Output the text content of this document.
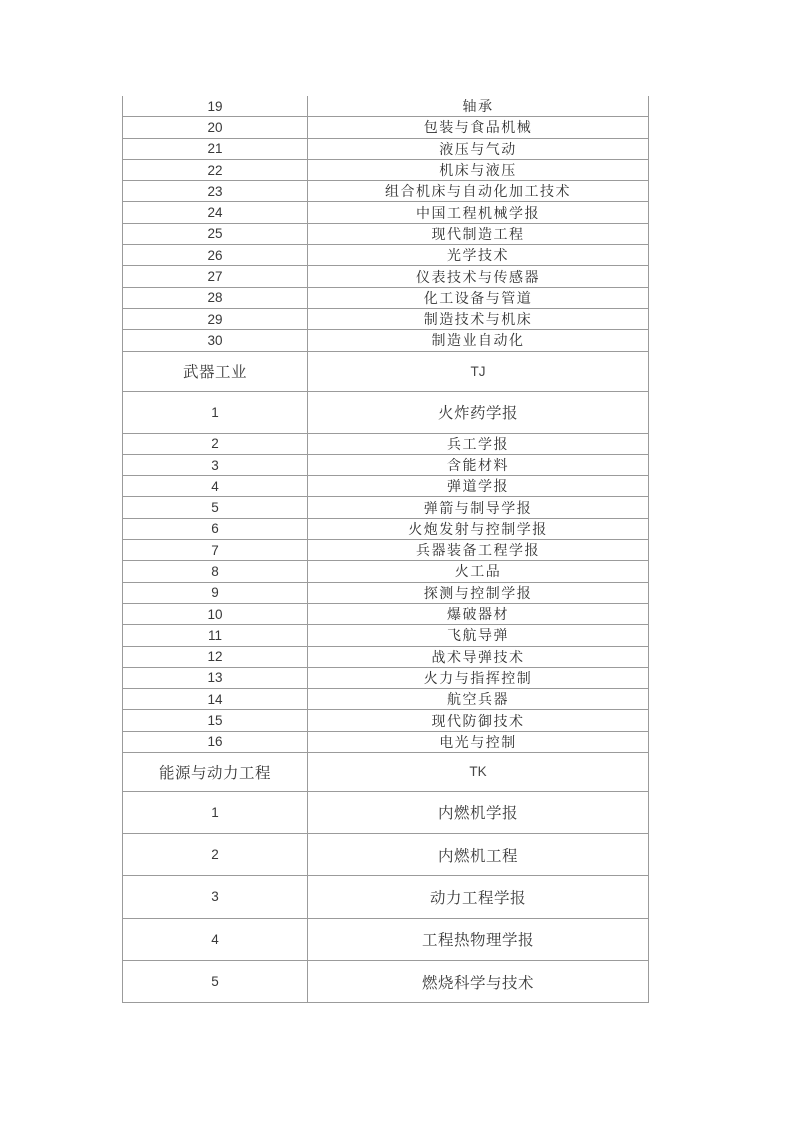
19	轴承
20	包装与食品机械
21	液压与气动
22	机床与液压
23	组合机床与自动化加工技术
24	中国工程机械学报
25	现代制造工程
26	光学技术
27	仪表技术与传感器
28	化工设备与管道
29	制造技术与机床
30	制造业自动化
武器工业	TJ
1	火炸药学报
2	兵工学报
3	含能材料
4	弹道学报
5	弹箭与制导学报
6	火炮发射与控制学报
7	兵器装备工程学报
8	火工品
9	探测与控制学报
10	爆破器材
11	飞航导弹
12	战术导弹技术
13	火力与指挥控制
14	航空兵器
15	现代防御技术
16	电光与控制
能源与动力工程	TK
1	内燃机学报
2	内燃机工程
3	动力工程学报
4	工程热物理学报
5	燃烧科学与技术
